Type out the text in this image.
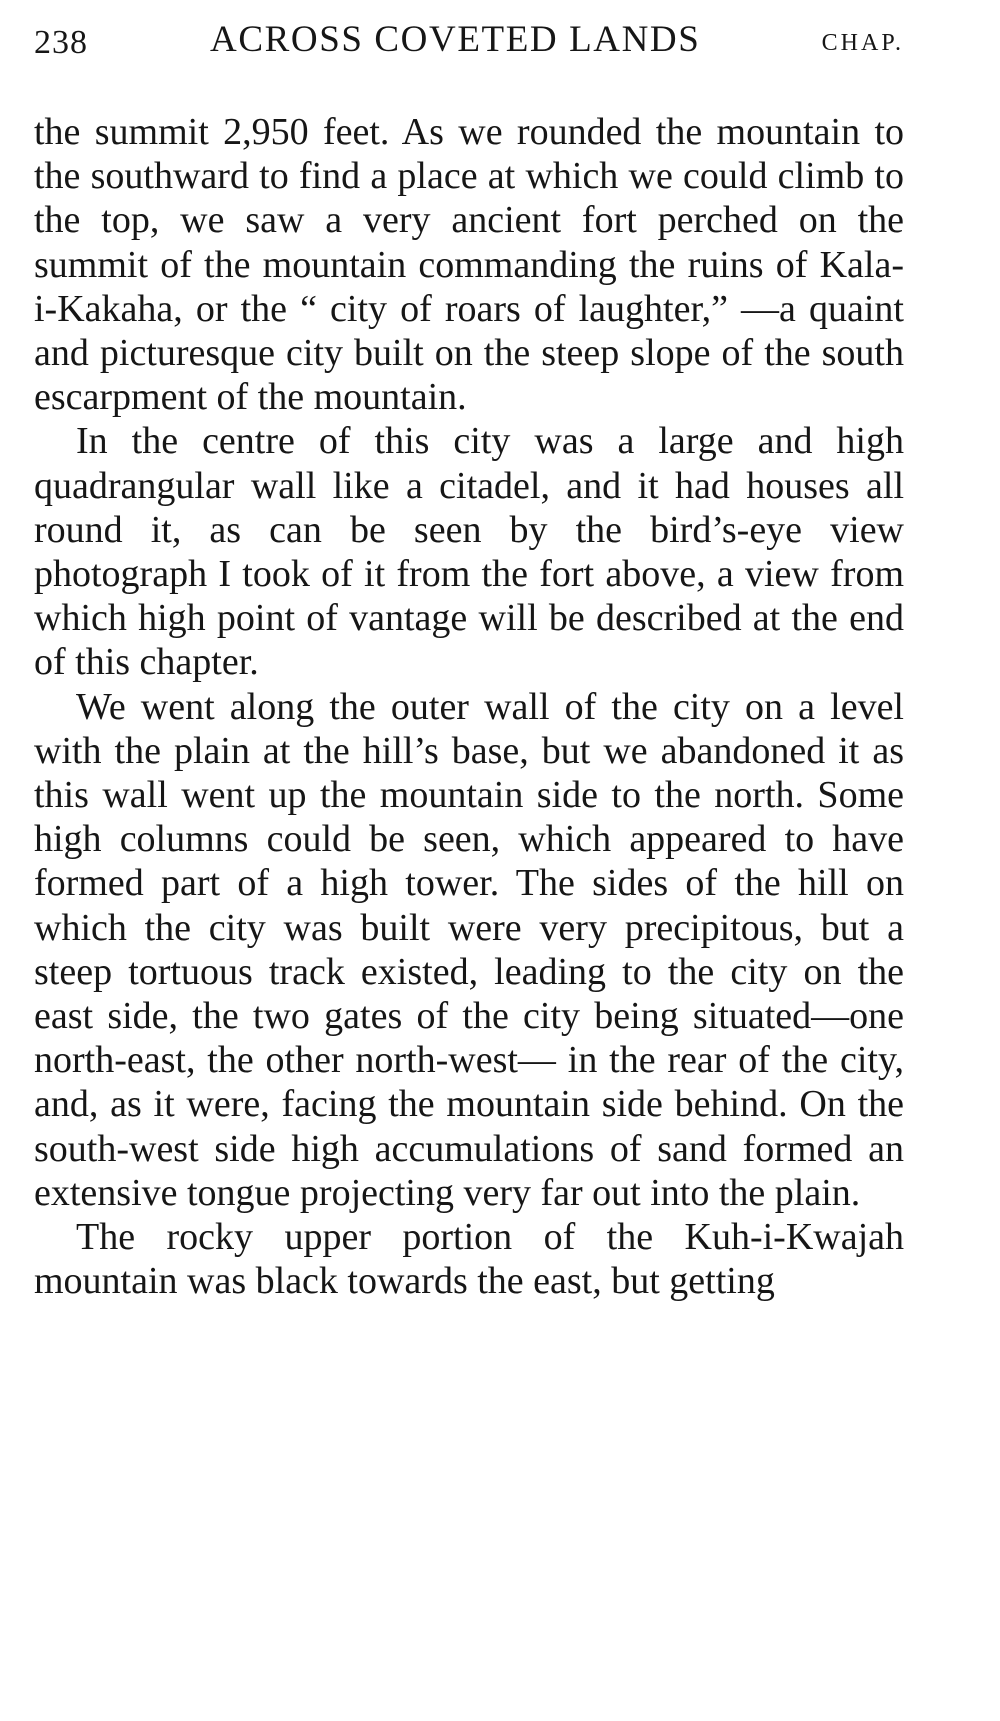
238	ACROSS COVETED LANDS	CHAP.

the summit 2,950 feet. As we rounded the mountain to the southward to find a place at which we could climb to the top, we saw a very ancient fort perched on the summit of the mountain commanding the ruins of Kala-i-Kakaha, or the “ city of roars of laughter,” —a quaint and picturesque city built on the steep slope of the south escarpment of the mountain.

In the centre of this city was a large and high quadrangular wall like a citadel, and it had houses all round it, as can be seen by the bird’s-eye view photograph I took of it from the fort above, a view from which high point of vantage will be described at the end of this chapter.

We went along the outer wall of the city on a level with the plain at the hill’s base, but we abandoned it as this wall went up the mountain side to the north. Some high columns could be seen, which appeared to have formed part of a high tower. The sides of the hill on which the city was built were very precipitous, but a steep tortuous track existed, leading to the city on the east side, the two gates of the city being situated—one north-east, the other north-west— in the rear of the city, and, as it were, facing the mountain side behind. On the south-west side high accumulations of sand formed an extensive tongue projecting very far out into the plain.

The rocky upper portion of the Kuh-i-Kwajah mountain was black towards the east, but getting
